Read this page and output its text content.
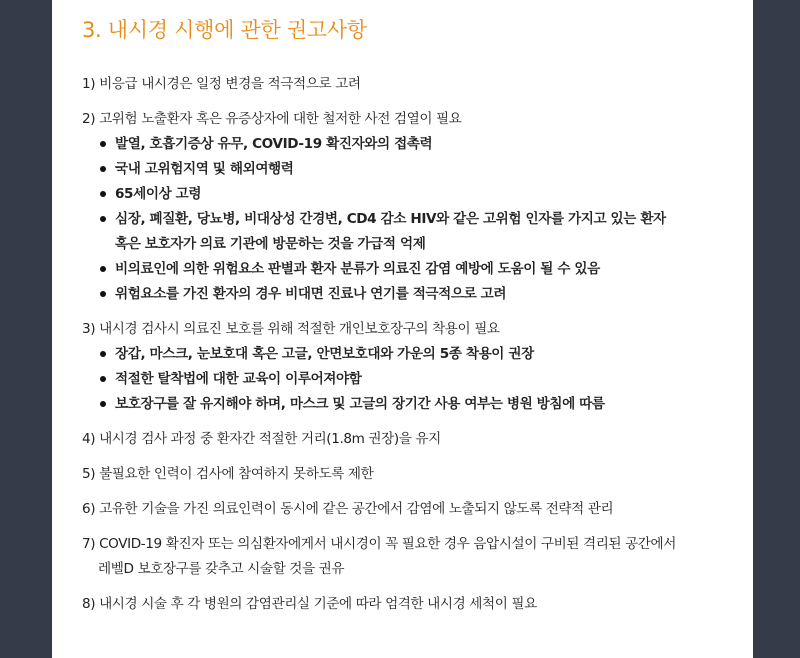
3. 내시경 시행에 관한 권고사항
1) 비응급 내시경은 일정 변경을 적극적으로 고려
2) 고위험 노출환자 혹은 유증상자에 대한 철저한 사전 검열이 필요
발열, 호흡기증상 유무, COVID-19 확진자와의 접촉력
국내 고위험지역 및 해외여행력
65세이상 고령
심장, 폐질환, 당뇨병, 비대상성 간경변, CD4 감소 HIV와 같은 고위험 인자를 가지고 있는 환자
혹은 보호자가 의료 기관에 방문하는 것을 가급적 억제
비의료인에 의한 위험요소 판별과 환자 분류가 의료진 감염 예방에 도움이 될 수 있음
위험요소를 가진 환자의 경우 비대면 진료나 연기를 적극적으로 고려
3) 내시경 검사시 의료진 보호를 위해 적절한 개인보호장구의 착용이 필요
장갑, 마스크, 눈보호대 혹은 고글, 안면보호대와 가운의 5종 착용이 권장
적절한 탈착법에 대한 교육이 이루어져야함
보호장구를 잘 유지해야 하며, 마스크 및 고글의 장기간 사용 여부는 병원 방침에 따름
4) 내시경 검사 과정 중 환자간 적절한 거리(1.8m 권장)을 유지
5) 불필요한 인력이 검사에 참여하지 못하도록 제한
6) 고유한 기술을 가진 의료인력이 동시에 같은 공간에서 감염에 노출되지 않도록 전략적 관리
7) COVID-19 확진자 또는 의심환자에게서 내시경이 꼭 필요한 경우 음압시설이 구비된 격리된 공간에서
레벨D 보호장구를 갖추고 시술할 것을 권유
8) 내시경 시술 후 각 병원의 감염관리실 기준에 따라 엄격한 내시경 세척이 필요
